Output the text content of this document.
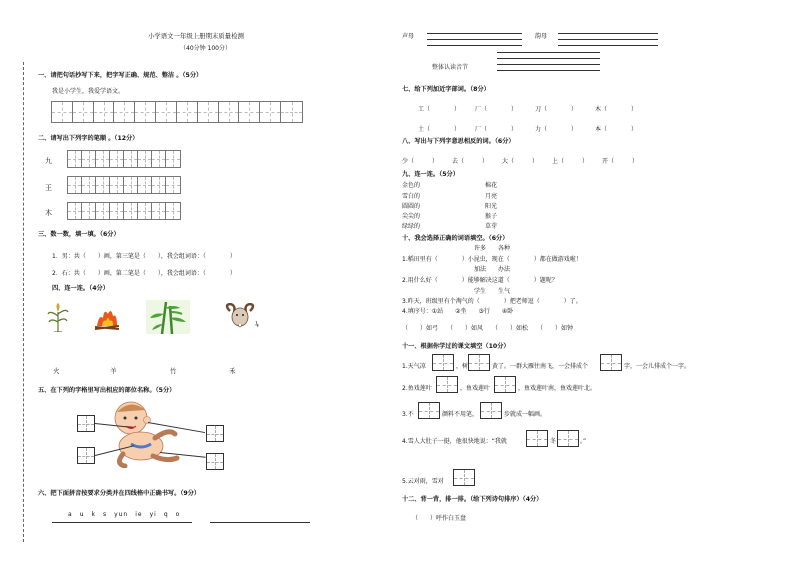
小学语文一年级上册期末质量检测
（40分钟 100分）
一、请把句话抄写下来，把字写正确、规范、整洁 。（5分）
我是小学生，我爱学语文。
二、请写出下列字的笔顺 。（12分）
九
王
木
三、数一数，填一填。（6分）
1．男：共（　　）画，第三笔是（　　），我会组词语：（　　　　）
2．石：共（　　）画，第二笔是（　　），我会组词语：（　　　　）
四、连一连。（4分）
火	羊	竹	禾
五、在下列的字格里写出相应的部位名称。（5分）
六、把下面拼音按要求分类并在四线格中正确书写。（9分）
a　u　k　s　yun　ie　yi　q　o
声母	韵母
整体认读音节
七、给下列加近字部词。（8分）
工（　　　　） 厂（　　　　）	刀（　　　　）	木（　　　　）
土（　　　　） 厂（　　　　）	力（　　　　）	本（　　　　）
八、写出与下列字意思相反的词。（6分）
少（　　　） 去（　　　） 大（　　　） 上（　　　） 开（　　　）
九、连一连。（5分）
金色的
雪白的
圆圆的
尖尖的
绿绿的
棉花
月亮
阳光
猴子
草芽
十、我会选择正确的词语填空。（6分）
许多　　各种
1.稻田里有（　　　　）小昆虫，现在（　　　　）都在做游戏啦！
加法　　办法
2.用什么好（　　　　）能够解决这道（　　　　）题呢？
学生　　生气
3.昨天，班级里有个淘气的（　　　　）把老师逗（　　　　）了。
4.填序号：①站　　②坐　　③行　　④卧
（　　）如弓　　（　　）如风　　（　　）如松　　（　　）如钟
十一、根据你学过的课文填空（10分）
1.天气凉	，树	黄了。一群大雁往南飞，一会排成个	字，一会儿排成个一字。
2.鱼戏莲叶	，鱼戏莲叶	，鱼戏莲叶南，鱼戏莲叶北。
3.不	颜料不用笔，	步就成一幅画。
4.雪人大肚子一挺，他很快地说：“我就	冬	。”
5.云对雨，雪对
十二、背一背，排一排。（给下列诗句排序）（4分）
（　　）呼作白玉盘
